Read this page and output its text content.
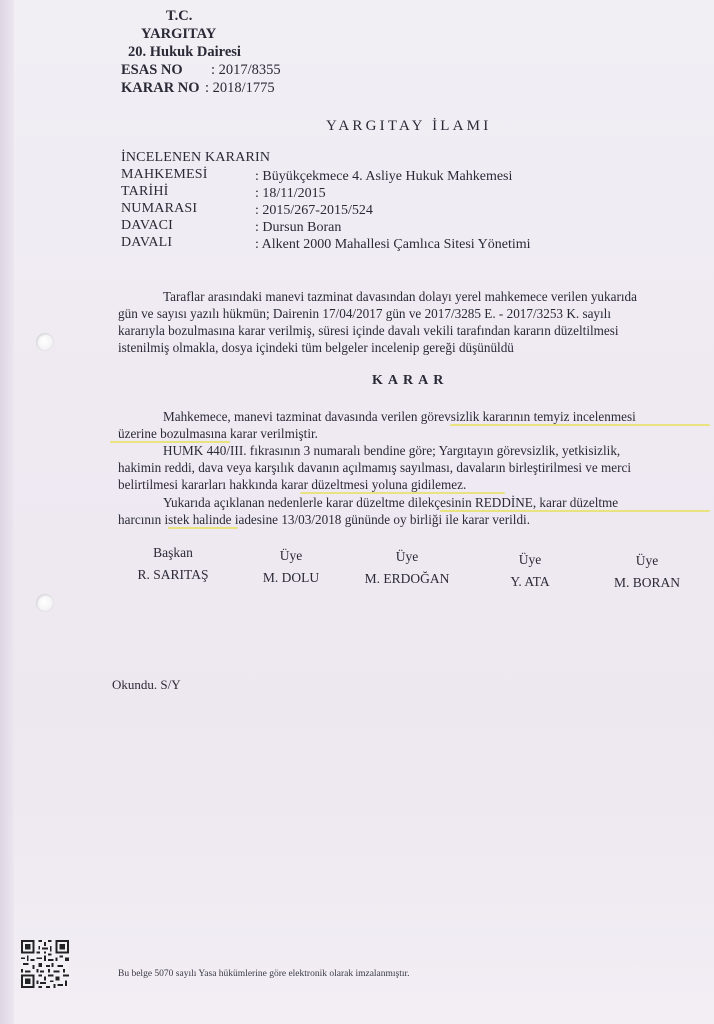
T.C.
YARGITAY
20. Hukuk Dairesi
ESAS NO : 2017/8355
KARAR NO : 2018/1775
YARGITAY İLAMI
İNCELENEN KARARIN
MAHKEMESİ	: Büyükçekmece 4. Asliye Hukuk Mahkemesi
TARİHİ	: 18/11/2015
NUMARASI	: 2015/267-2015/524
DAVACI	: Dursun Boran
DAVALI	: Alkent 2000 Mahallesi Çamlıca Sitesi Yönetimi
Taraflar arasındaki manevi tazminat davasından dolayı yerel mahkemece verilen yukarıda
gün ve sayısı yazılı hükmün; Dairenin 17/04/2017 gün ve 2017/3285 E. - 2017/3253 K. sayılı
kararıyla bozulmasına karar verilmiş, süresi içinde davalı vekili tarafından kararın düzeltilmesi
istenilmiş olmakla, dosya içindeki tüm belgeler incelenip gereği düşünüldü
KARAR
Mahkemece, manevi tazminat davasında verilen görevsizlik kararının temyiz incelenmesi
üzerine bozulmasına karar verilmiştir.
HUMK 440/III. fıkrasının 3 numaralı bendine göre; Yargıtayın görevsizlik, yetkisizlik,
hakimin reddi, dava veya karşılık davanın açılmamış sayılması, davaların birleştirilmesi ve merci
belirtilmesi kararları hakkında karar düzeltmesi yoluna gidilemez.
Yukarıda açıklanan nedenlerle karar düzeltme dilekçesinin REDDİNE, karar düzeltme
harcının istek halinde iadesine 13/03/2018 gününde oy birliği ile karar verildi.
Başkan
R. SARITAŞ
Üye
M. DOLU
Üye
M. ERDOĞAN
Üye
Y. ATA
Üye
M. BORAN
Okundu. S/Y
Bu belge 5070 sayılı Yasa hükümlerine göre elektronik olarak imzalanmıştır.
